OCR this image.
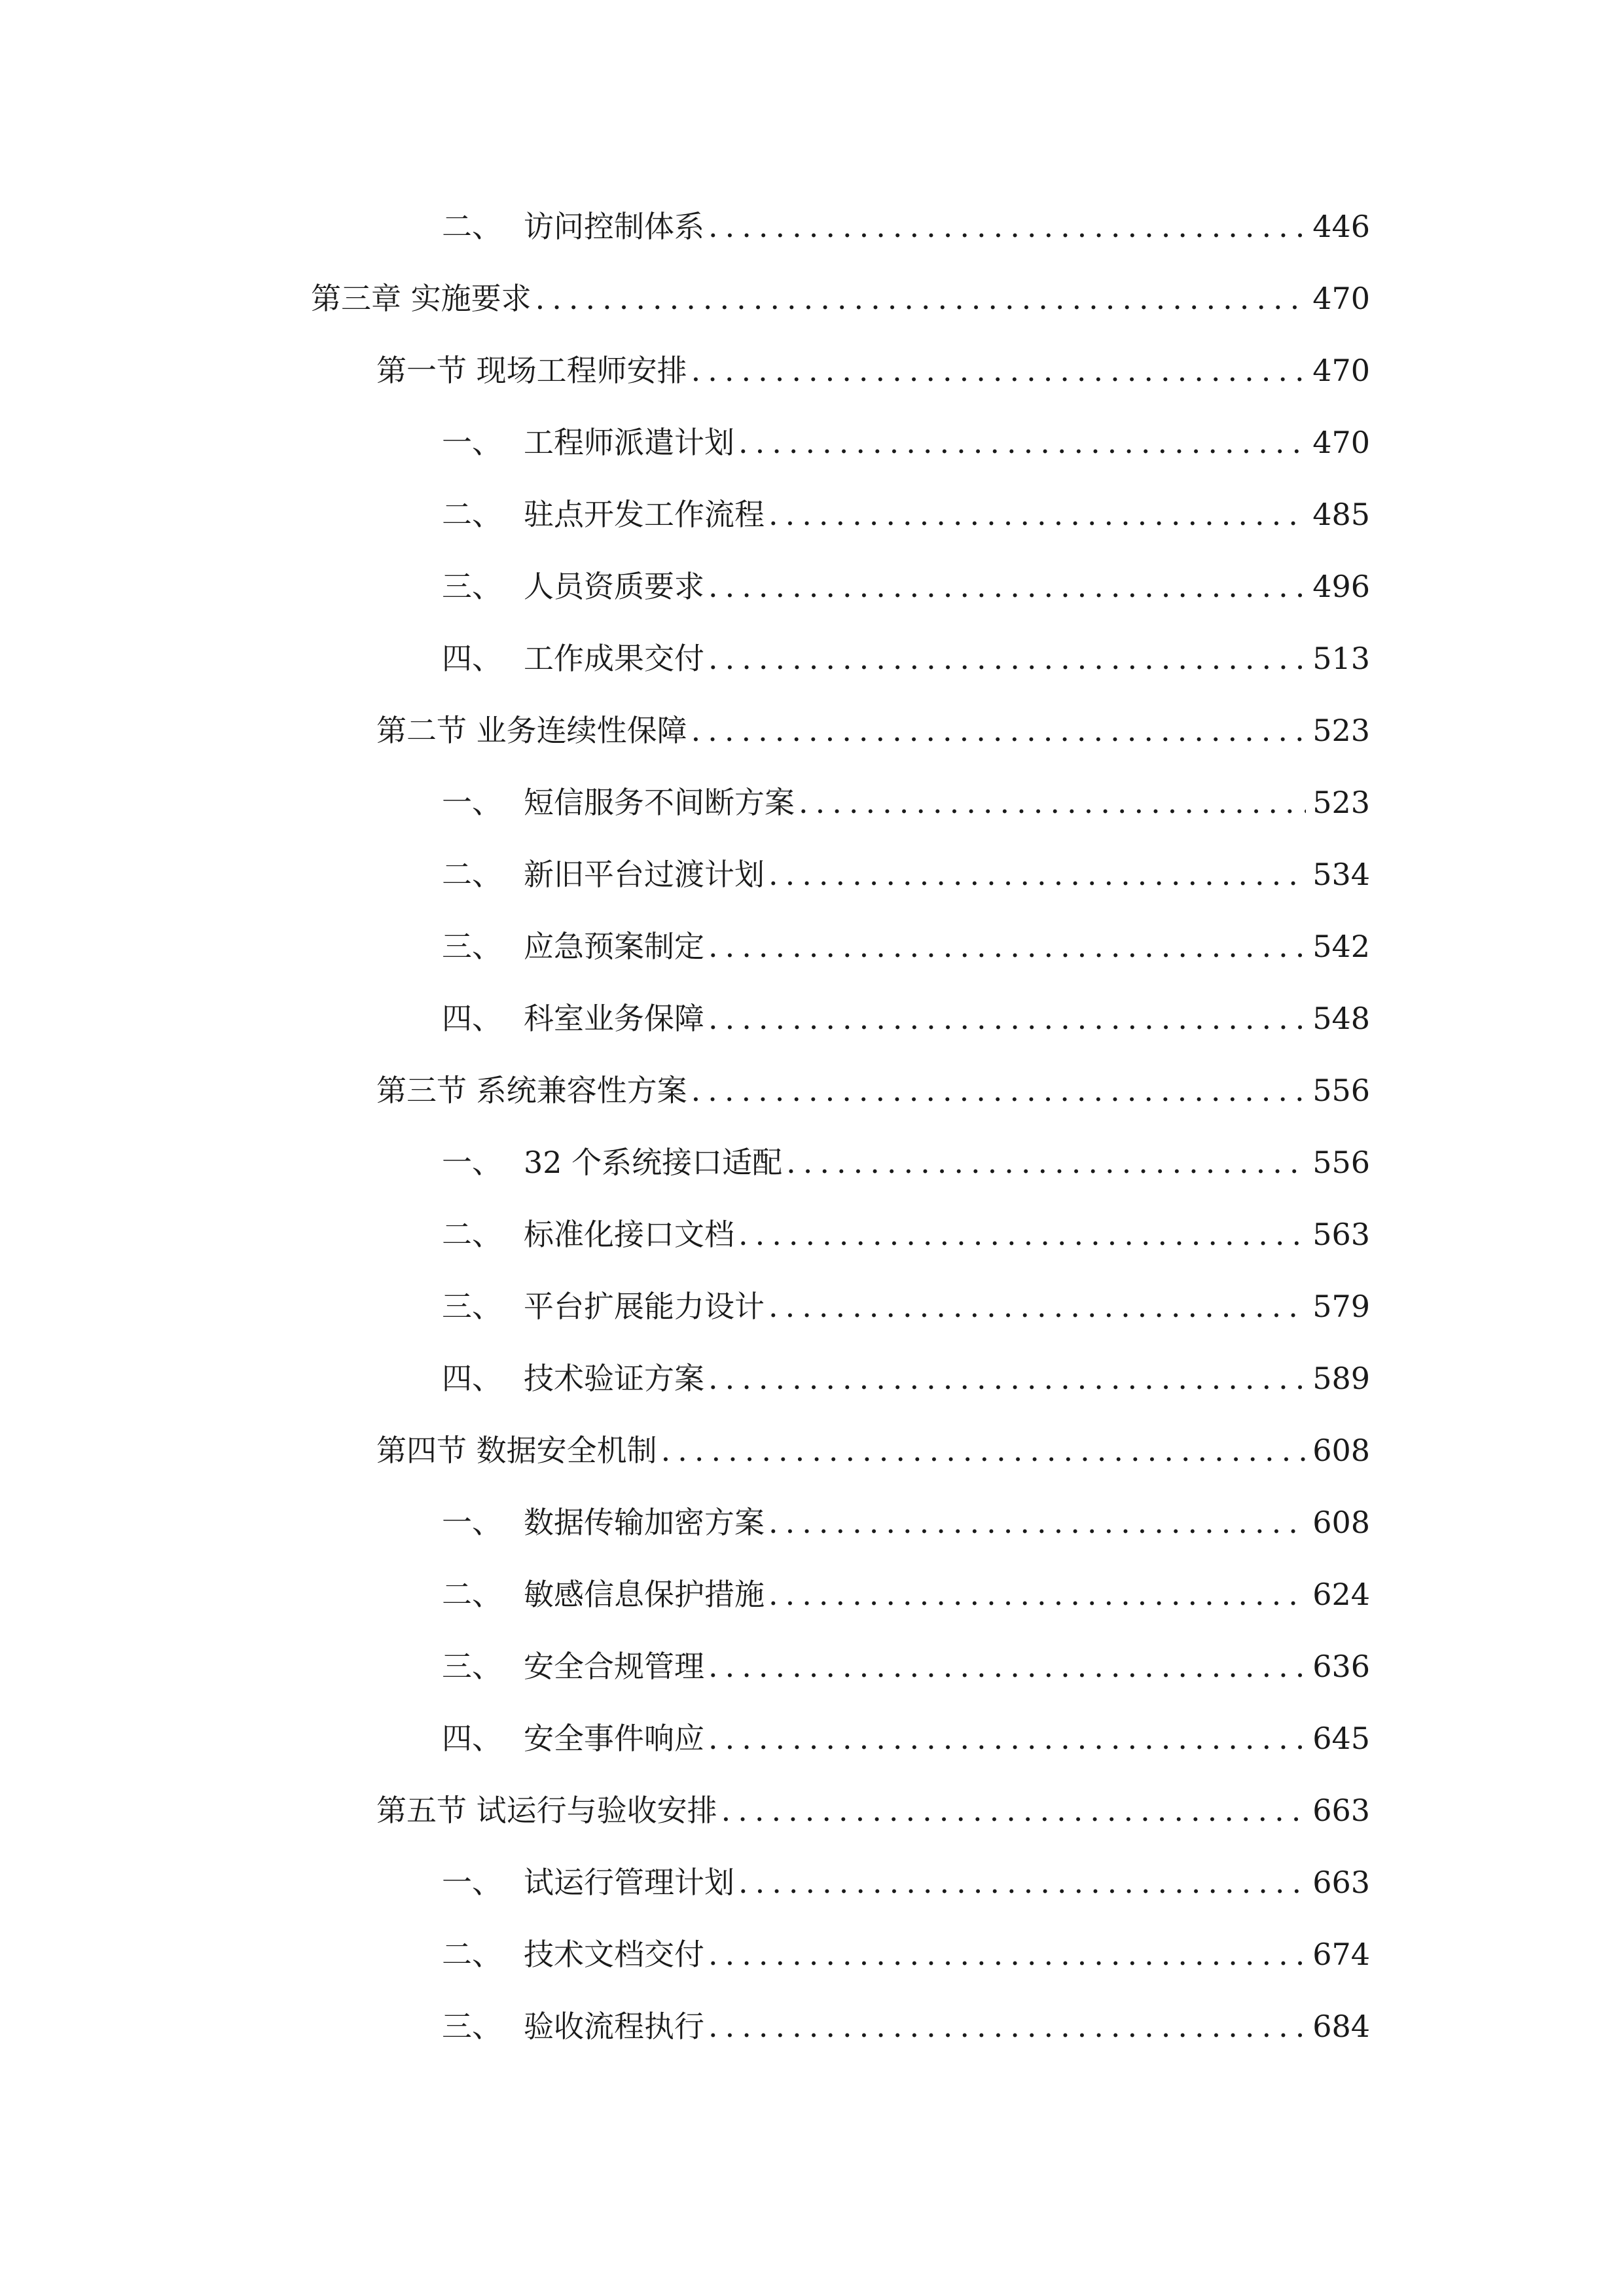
二、 访问控制体系 .....	446
第三章 实施要求 .....	470
第一节 现场工程师安排 .....	470
一、 工程师派遣计划 .....	470
二、 驻点开发工作流程 .....	485
三、 人员资质要求 .....	496
四、 工作成果交付 .....	513
第二节 业务连续性保障 .....	523
一、 短信服务不间断方案 .....	523
二、 新旧平台过渡计划 .....	534
三、 应急预案制定 .....	542
四、 科室业务保障 .....	548
第三节 系统兼容性方案 .....	556
一、 32 个系统接口适配 .....	556
二、 标准化接口文档 .....	563
三、 平台扩展能力设计 .....	579
四、 技术验证方案 .....	589
第四节 数据安全机制 .....	608
一、 数据传输加密方案 .....	608
二、 敏感信息保护措施 .....	624
三、 安全合规管理 .....	636
四、 安全事件响应 .....	645
第五节 试运行与验收安排 .....	663
一、 试运行管理计划 .....	663
二、 技术文档交付 .....	674
三、 验收流程执行 .....	684
